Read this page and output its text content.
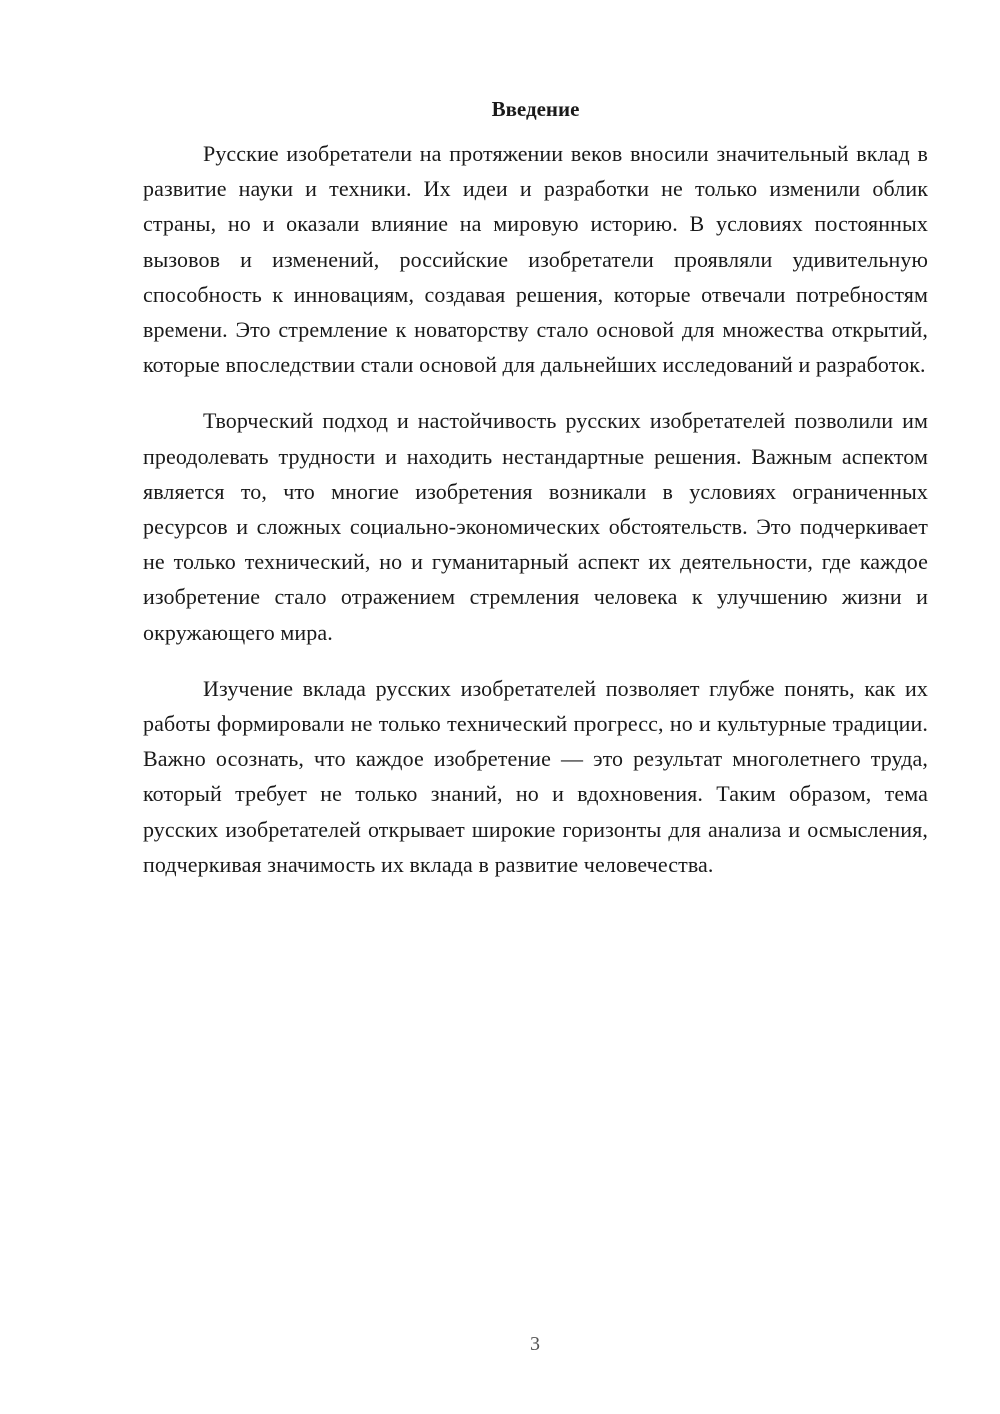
Введение

Русские изобретатели на протяжении веков вносили значительный вклад в развитие науки и техники. Их идеи и разработки не только изменили облик страны, но и оказали влияние на мировую историю. В условиях постоянных вызовов и изменений, российские изобретатели проявляли удивительную способность к инновациям, создавая решения, которые отвечали потребностям времени. Это стремление к новаторству стало основой для множества открытий, которые впоследствии стали основой для дальнейших исследований и разработок.

Творческий подход и настойчивость русских изобретателей позволили им преодолевать трудности и находить нестандартные решения. Важным аспектом является то, что многие изобретения возникали в условиях ограниченных ресурсов и сложных социально-экономических обстоятельств. Это подчеркивает не только технический, но и гуманитарный аспект их деятельности, где каждое изобретение стало отражением стремления человека к улучшению жизни и окружающего мира.

Изучение вклада русских изобретателей позволяет глубже понять, как их работы формировали не только технический прогресс, но и культурные традиции. Важно осознать, что каждое изобретение — это результат многолетнего труда, который требует не только знаний, но и вдохновения. Таким образом, тема русских изобретателей открывает широкие горизонты для анализа и осмысления, подчеркивая значимость их вклада в развитие человечества.

3
